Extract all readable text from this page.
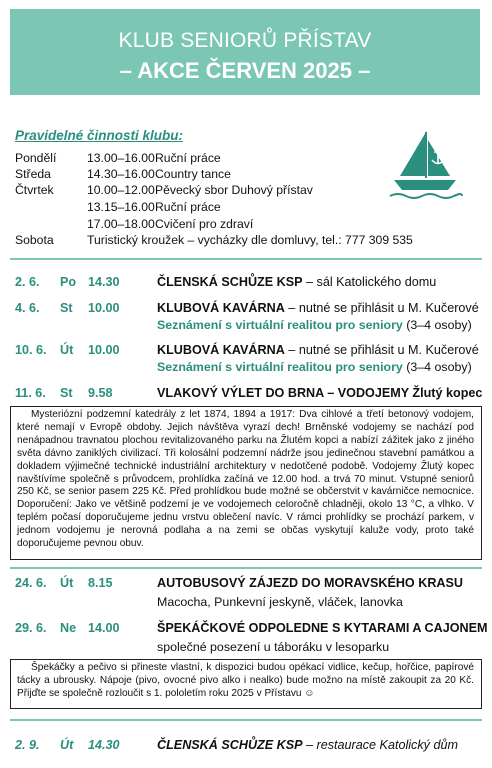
KLUB SENIORŮ PŘÍSTAV
– AKCE ČERVEN 2025 –
Pravidelné činnosti klubu:
Pondělí	13.00–16.00 Ruční práce
Středa	14.30–16.00 Country tance
Čtvrtek	10.00–12.00 Pěvecký sbor Duhový přístav
13.15–16.00 Ruční práce
17.00–18.00 Cvičení pro zdraví
Sobota	Turistický kroužek – vycházky dle domluvy, tel.: 777 309 535
2. 6. Po 14.30	ČLENSKÁ SCHŮZE KSP – sál Katolického domu
4. 6. St 10.00	KLUBOVÁ KAVÁRNA – nutné se přihlásit u M. Kučerové
Seznámení s virtuální realitou pro seniory (3–4 osoby)
10. 6. Út 10.00	KLUBOVÁ KAVÁRNA – nutné se přihlásit u M. Kučerové
Seznámení s virtuální realitou pro seniory (3–4 osoby)
11. 6. St 9.58	VLAKOVÝ VÝLET DO BRNA – VODOJEMY Žlutý kopec

Mysteriózní podzemní katedrály z let 1874, 1894 a 1917: Dva cihlové a třetí betonový vodojem, které nemají v Evropě obdoby. Jejich návštěva vyrazí dech! Brněnské vodojemy se nachází pod nenápadnou travnatou plochou revitalizovaného parku na Žlutém kopci a nabízí zážitek jako z jiného světa dávno zaniklých civilizací. Tři kolosální podzemní nádrže jsou jedinečnou stavební památkou a dokladem výjimečné technické industriální architektury v nedotčené podobě. Vodojemy Žlutý kopec navštívíme společně s průvodcem, prohlídka začíná ve 12.00 hod. a trvá 70 minut. Vstupné seniorů 250 Kč, se senior pasem 225 Kč. Před prohlídkou bude možné se občerstvit v kavárničce nemocnice. Doporučení: Jako ve většině podzemí je ve vodojemech celoročně chladněji, okolo 13 °C, a vlhko. V teplém počasí doporučujeme jednu vrstvu oblečení navíc. V rámci prohlídky se prochází parkem, v jednom vodojemu je nerovná podlaha a na zemi se občas vyskytují kaluže vody, proto také doporučujeme pevnou obuv.

24. 6. Út 8.15	AUTOBUSOVÝ ZÁJEZD DO MORAVSKÉHO KRASU
Macocha, Punkevní jeskyně, vláček, lanovka
29. 6. Ne 14.00	ŠPEKÁČKOVÉ ODPOLEDNE S KYTARAMI A CAJONEM
společné posezení u táboráku v lesoparku

Špekáčky a pečivo si přineste vlastní, k dispozici budou opékací vidlice, kečup, hořčice, papírové tácky a ubrousky. Nápoje (pivo, ovocné pivo alko i nealko) bude možno na místě zakoupit za 20 Kč. Přijďte se společně rozloučit s 1. pololetím roku 2025 v Přístavu ☺

2. 9. Út 14.30	ČLENSKÁ SCHŮZE KSP – restaurace Katolický dům
